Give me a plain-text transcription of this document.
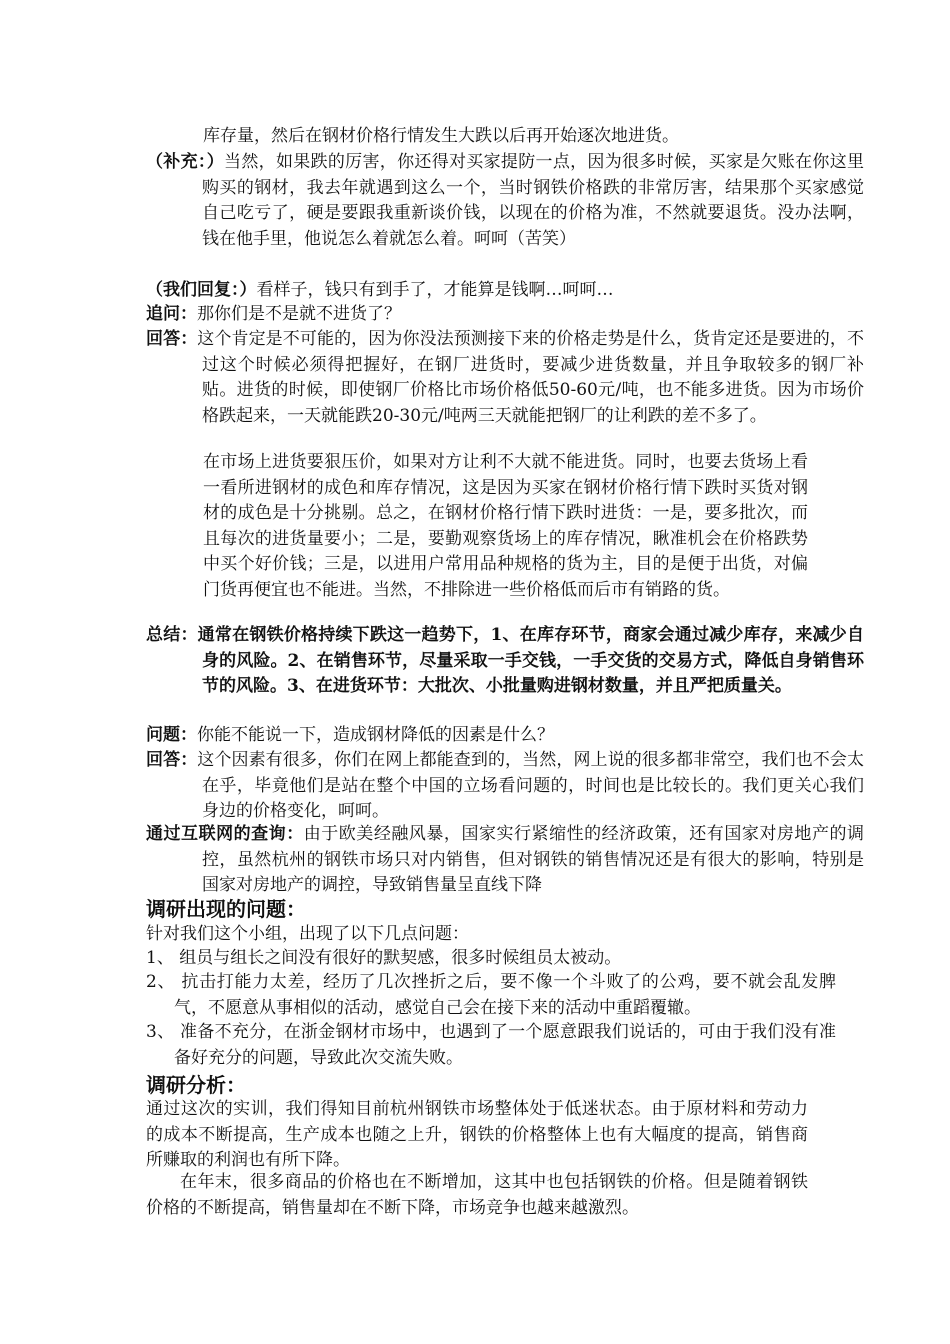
库存量，然后在钢材价格行情发生大跌以后再开始逐次地进货。

（补充：）当然，如果跌的厉害，你还得对买家提防一点，因为很多时候，买家是欠账在你这里购买的钢材，我去年就遇到这么一个，当时钢铁价格跌的非常厉害，结果那个买家感觉自己吃亏了，硬是要跟我重新谈价钱，以现在的价格为准，不然就要退货。没办法啊，钱在他手里，他说怎么着就怎么着。呵呵（苦笑）

（我们回复：）看样子，钱只有到手了，才能算是钱啊…呵呵…

追问：那你们是不是就不进货了？

回答：这个肯定是不可能的，因为你没法预测接下来的价格走势是什么，货肯定还是要进的，不过这个时候必须得把握好，在钢厂进货时，要减少进货数量，并且争取较多的钢厂补贴。进货的时候，即使钢厂价格比市场价格低50-60元/吨，也不能多进货。因为市场价格跌起来，一天就能跌20-30元/吨两三天就能把钢厂的让利跌的差不多了。

在市场上进货要狠压价，如果对方让利不大就不能进货。同时，也要去货场上看一看所进钢材的成色和库存情况，这是因为买家在钢材价格行情下跌时买货对钢材的成色是十分挑剔。总之，在钢材价格行情下跌时进货：一是，要多批次，而且每次的进货量要小；二是，要勤观察货场上的库存情况，瞅准机会在价格跌势中买个好价钱；三是，以进用户常用品种规格的货为主，目的是便于出货，对偏门货再便宜也不能进。当然，不排除进一些价格低而后市有销路的货。

总结：通常在钢铁价格持续下跌这一趋势下，1、在库存环节，商家会通过减少库存，来减少自身的风险。2、在销售环节，尽量采取一手交钱，一手交货的交易方式，降低自身销售环节的风险。3、在进货环节：大批次、小批量购进钢材数量，并且严把质量关。

问题：你能不能说一下，造成钢材降低的因素是什么？

回答：这个因素有很多，你们在网上都能查到的，当然，网上说的很多都非常空，我们也不会太在乎，毕竟他们是站在整个中国的立场看问题的，时间也是比较长的。我们更关心我们身边的价格变化，呵呵。

通过互联网的查询：由于欧美经融风暴，国家实行紧缩性的经济政策，还有国家对房地产的调控，虽然杭州的钢铁市场只对内销售，但对钢铁的销售情况还是有很大的影响，特别是国家对房地产的调控，导致销售量呈直线下降

调研出现的问题：

针对我们这个小组，出现了以下几点问题：

1、 组员与组长之间没有很好的默契感，很多时候组员太被动。

2、 抗击打能力太差，经历了几次挫折之后，要不像一个斗败了的公鸡，要不就会乱发脾气，不愿意从事相似的活动，感觉自己会在接下来的活动中重蹈覆辙。

3、 准备不充分，在浙金钢材市场中，也遇到了一个愿意跟我们说话的，可由于我们没有准备好充分的问题，导致此次交流失败。

调研分析：

通过这次的实训，我们得知目前杭州钢铁市场整体处于低迷状态。由于原材料和劳动力的成本不断提高，生产成本也随之上升，钢铁的价格整体上也有大幅度的提高，销售商所赚取的利润也有所下降。

在年末，很多商品的价格也在不断增加，这其中也包括钢铁的价格。但是随着钢铁价格的不断提高，销售量却在不断下降，市场竞争也越来越激烈。
